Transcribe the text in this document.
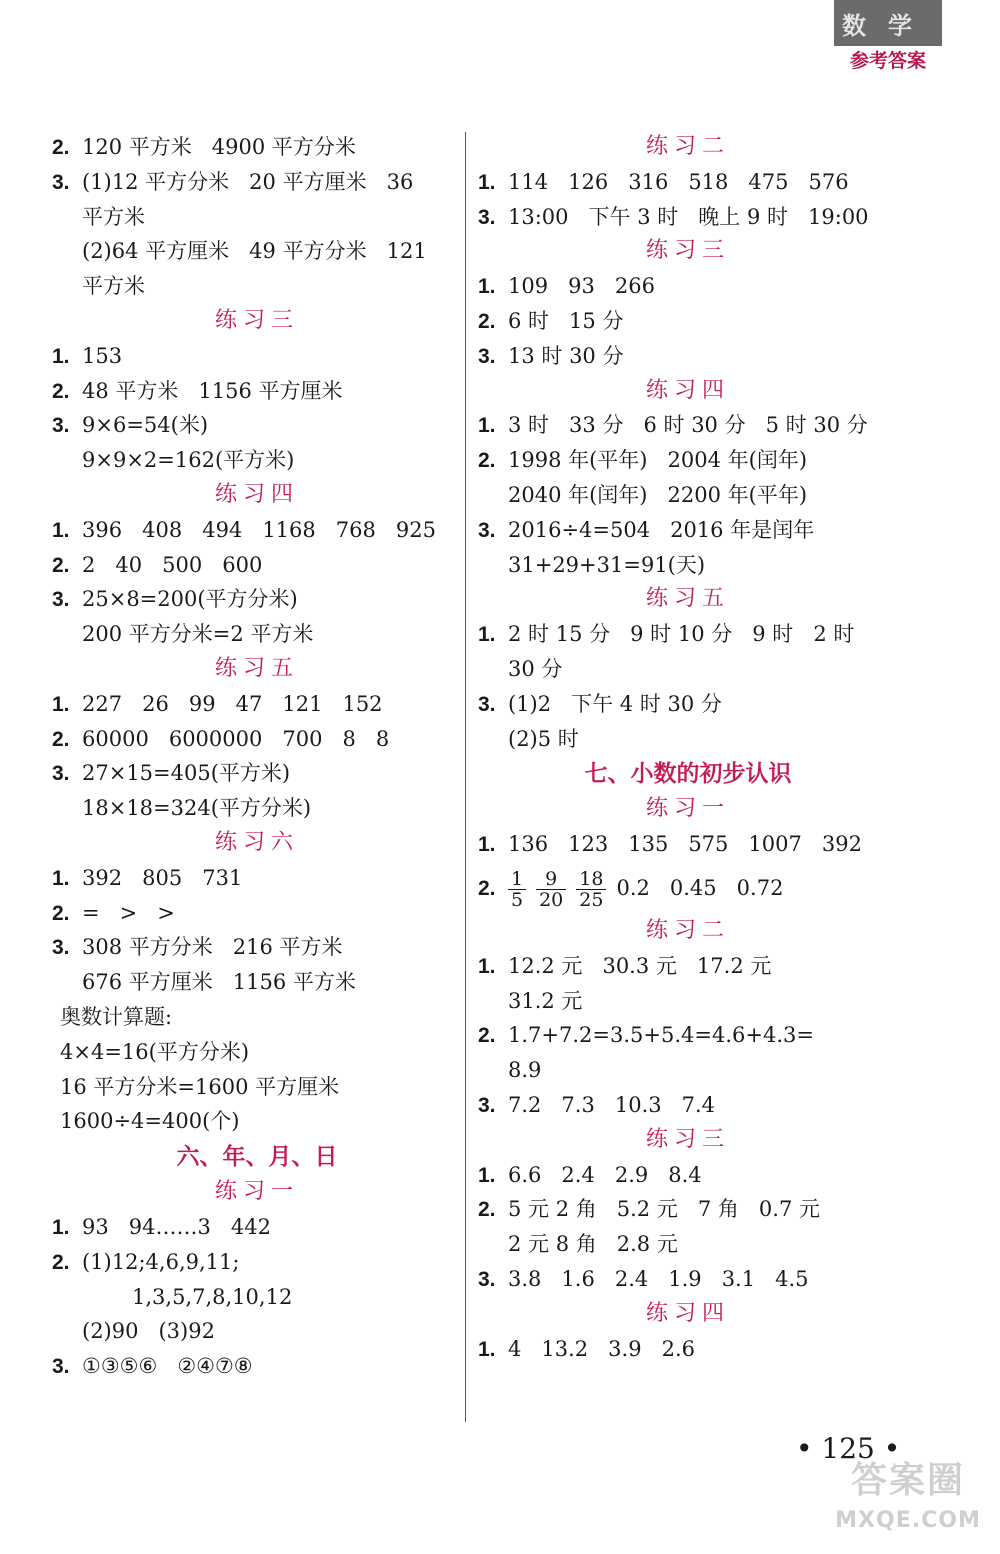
数学
参考答案
2. 120 平方米   4900 平方分米
3. (1)12 平方分米   20 平方厘米   36
平方米
(2)64 平方厘米   49 平方分米   121
平方米
练习三
1. 153
2. 48 平方米   1156 平方厘米
3. 9×6=54(米)
9×9×2=162(平方米)
练习四
1. 396   408   494   1168   768   925
2. 2   40   500   600
3. 25×8=200(平方分米)
200 平方分米=2 平方米
练习五
1. 227   26   99   47   121   152
2. 60000   6000000   700   8   8
3. 27×15=405(平方米)
18×18=324(平方分米)
练习六
1. 392   805   731
2. =   >   >
3. 308 平方分米   216 平方米
676 平方厘米   1156 平方米
奥数计算题:
4×4=16(平方分米)
16 平方分米=1600 平方厘米
1600÷4=400(个)
六、年、月、日
练习一
1. 93   94……3   442
2. (1)12;4,6,9,11;
1,3,5,7,8,10,12
(2)90   (3)92
3. ①③⑤⑥   ②④⑦⑧
练习二
1. 114   126   316   518   475   576
3. 13:00   下午 3 时   晚上 9 时   19:00
练习三
1. 109   93   266
2. 6 时   15 分
3. 13 时 30 分
练习四
1. 3 时   33 分   6 时 30 分   5 时 30 分
2. 1998 年(平年)   2004 年(闰年)
2040 年(闰年)   2200 年(平年)
3. 2016÷4=504   2016 年是闰年
31+29+31=91(天)
练习五
1. 2 时 15 分   9 时 10 分   9 时   2 时
30 分
3. (1)2   下午 4 时 30 分
(2)5 时
七、小数的初步认识
练习一
1. 136   123   135   575   1007   392
2. $\frac{1}{5} \frac{9}{20} \frac{18}{25} 0.2$   0.45   0.72
练习二
1. 12.2 元   30.3 元   17.2 元
31.2 元
2. 1.7+7.2=3.5+5.4=4.6+4.3=
8.9
3. 7.2   7.3   10.3   7.4
练习三
1. 6.6   2.4   2.9   8.4
2. 5 元 2 角   5.2 元   7 角   0.7 元
2 元 8 角   2.8 元
3. 3.8   1.6   2.4   1.9   3.1   4.5
练习四
1. 4   13.2   3.9   2.6
• 125 •
答案圈
MXQE.COM
